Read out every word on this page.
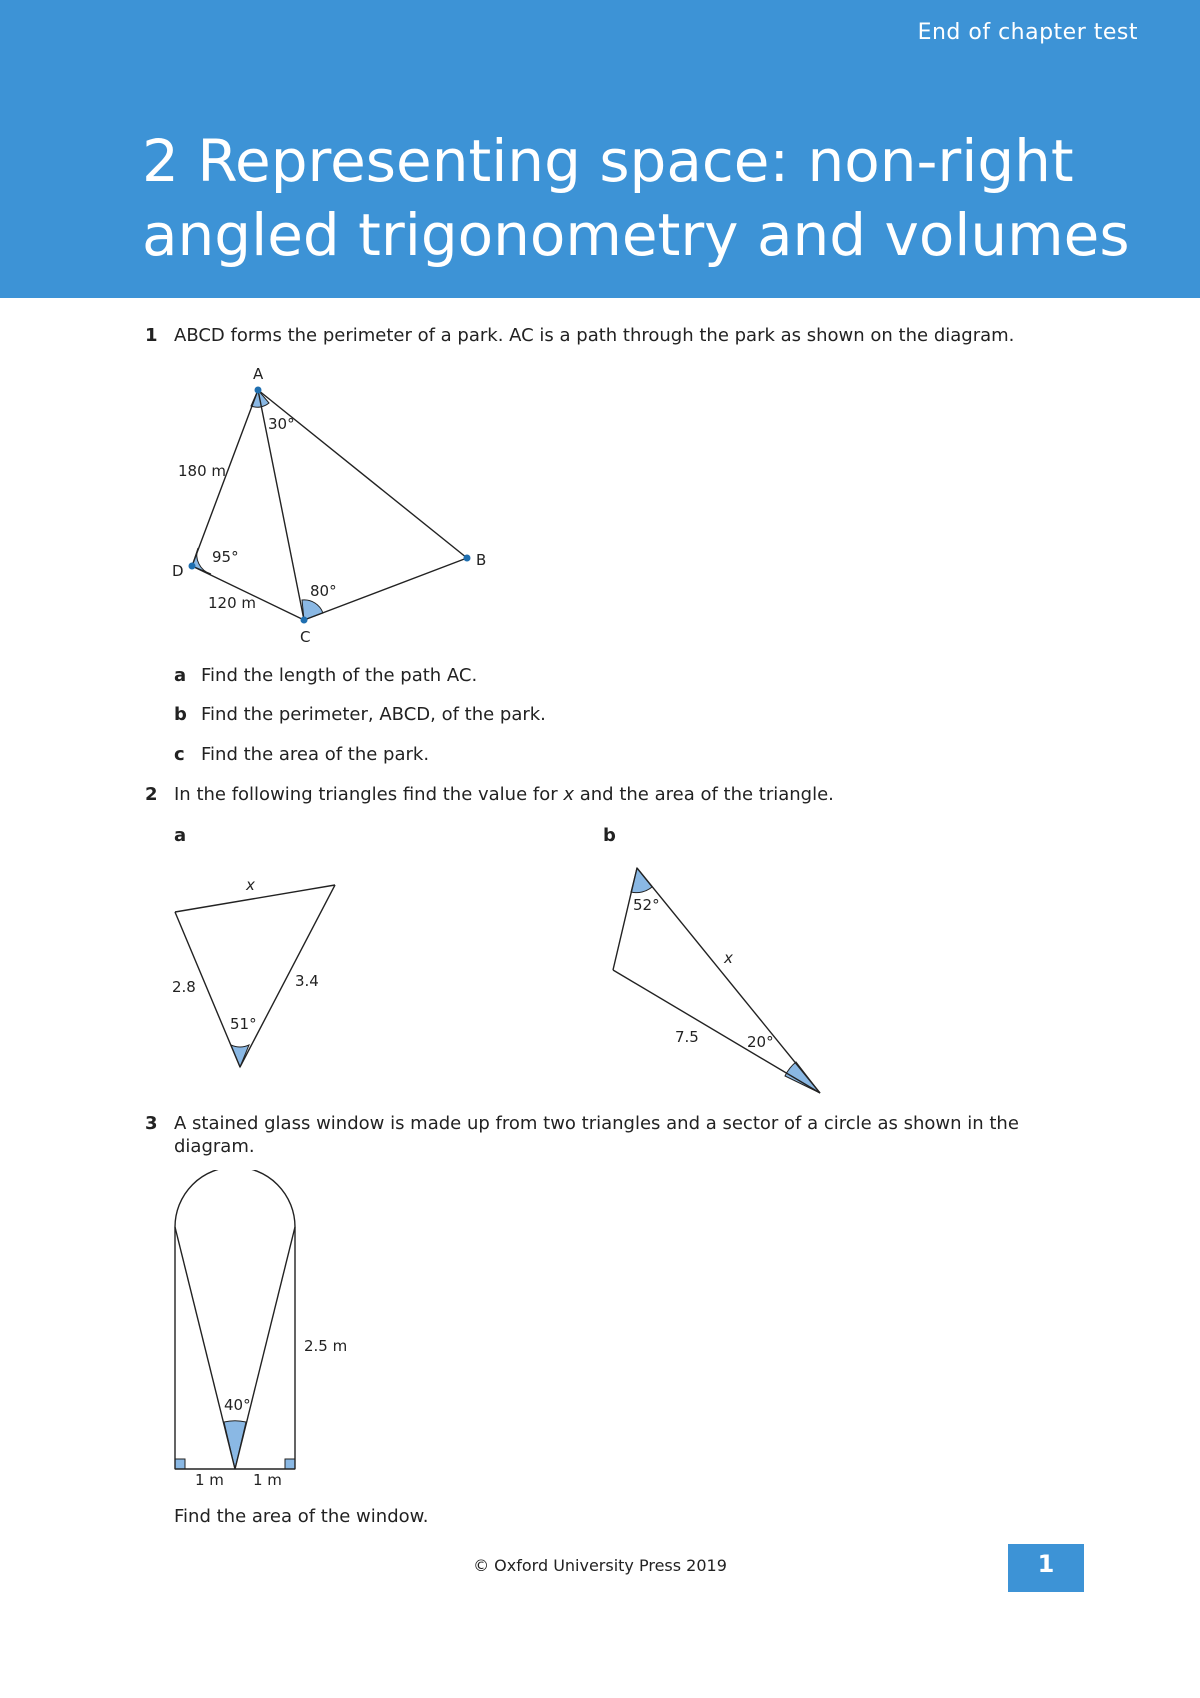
End of chapter test
2 Representing space: non-right angled trigonometry and volumes
1 ABCD forms the perimeter of a park. AC is a path through the park as shown on the diagram.
A
B
C
D
180 m
120 m
30°
95°
80°
a Find the length of the path AC.
b Find the perimeter, ABCD, of the park.
c Find the area of the park.
2 In the following triangles find the value for x and the area of the triangle.
a	b
x
2.8	3.4
51°
52°
x
7.5	20°
3 A stained glass window is made up from two triangles and a sector of a circle as shown in the
diagram.
2.5 m
40°
1 m 1 m
Find the area of the window.
© Oxford University Press 2019	1
